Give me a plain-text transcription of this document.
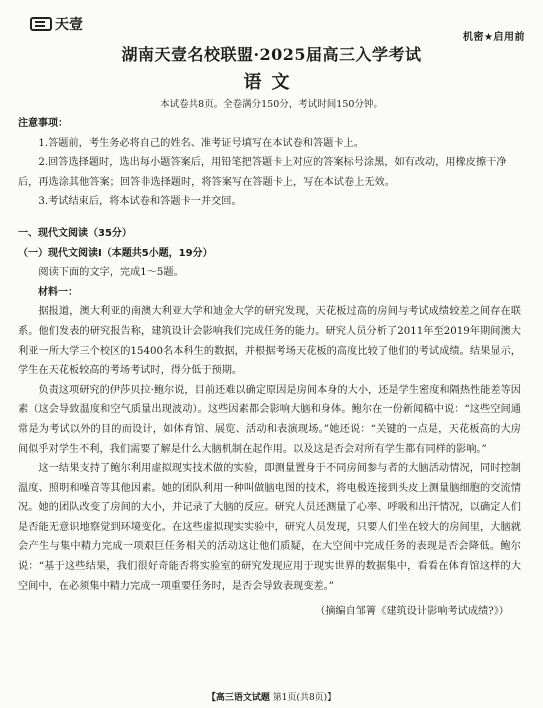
天壹
机密★启用前
湖南天壹名校联盟·2025届高三入学考试
语文
本试卷共8页。全卷满分150分，考试时间150分钟。

注意事项：

1.答题前，考生务必将自己的姓名、准考证号填写在本试卷和答题卡上。

2.回答选择题时，选出每小题答案后，用铅笔把答题卡上对应的答案标号涂黑，如有改动，用橡皮擦干净后，再选涂其他答案；回答非选择题时，将答案写在答题卡上，写在本试卷上无效。

3.考试结束后，将本试卷和答题卡一并交回。

一、现代文阅读（35分）

（一）现代文阅读Ⅰ（本题共5小题，19分）

阅读下面的文字，完成1～5题。

材料一：

据报道，澳大利亚的南澳大利亚大学和迪金大学的研究发现，天花板过高的房间与考试成绩较差之间存在联系。他们发表的研究报告称，建筑设计会影响我们完成任务的能力。研究人员分析了2011年至2019年期间澳大利亚一所大学三个校区的15400名本科生的数据，并根据考场天花板的高度比较了他们的考试成绩。结果显示，学生在天花板较高的考场考试时，得分低于预期。

负责这项研究的伊莎贝拉·鲍尔说，目前还难以确定原因是房间本身的大小，还是学生密度和隔热性能差等因素（这会导致温度和空气质量出现波动）。这些因素都会影响大脑和身体。鲍尔在一份新闻稿中说：“这些空间通常是为考试以外的目的而设计，如体育馆、展览、活动和表演现场。”她还说：“关键的一点是，天花板高的大房间似乎对学生不利，我们需要了解是什么大脑机制在起作用。以及这是否会对所有学生都有同样的影响。”

这一结果支持了鲍尔利用虚拟现实技术做的实验，即测量置身于不同房间参与者的大脑活动情况，同时控制温度、照明和噪音等其他因素。她的团队利用一种叫做脑电图的技术，将电极连接到头皮上测量脑细胞的交流情况。她的团队改变了房间的大小，并记录了大脑的反应。研究人员还测量了心率、呼吸和出汗情况，以确定人们是否能无意识地察觉到环境变化。在这些虚拟现实实验中，研究人员发现，只要人们坐在较大的房间里，大脑就会产生与集中精力完成一项艰巨任务相关的活动这让他们质疑，在大空间中完成任务的表现是否会降低。鲍尔说：“基于这些结果，我们很好奇能否将实验室的研究发现应用于现实世界的数据集中，看看在体育馆这样的大空间中，在必须集中精力完成一项重要任务时，是否会导致表现变差。”

（摘编自邹箐《建筑设计影响考试成绩?》）

【高三语文试题 第1页(共8页)】
